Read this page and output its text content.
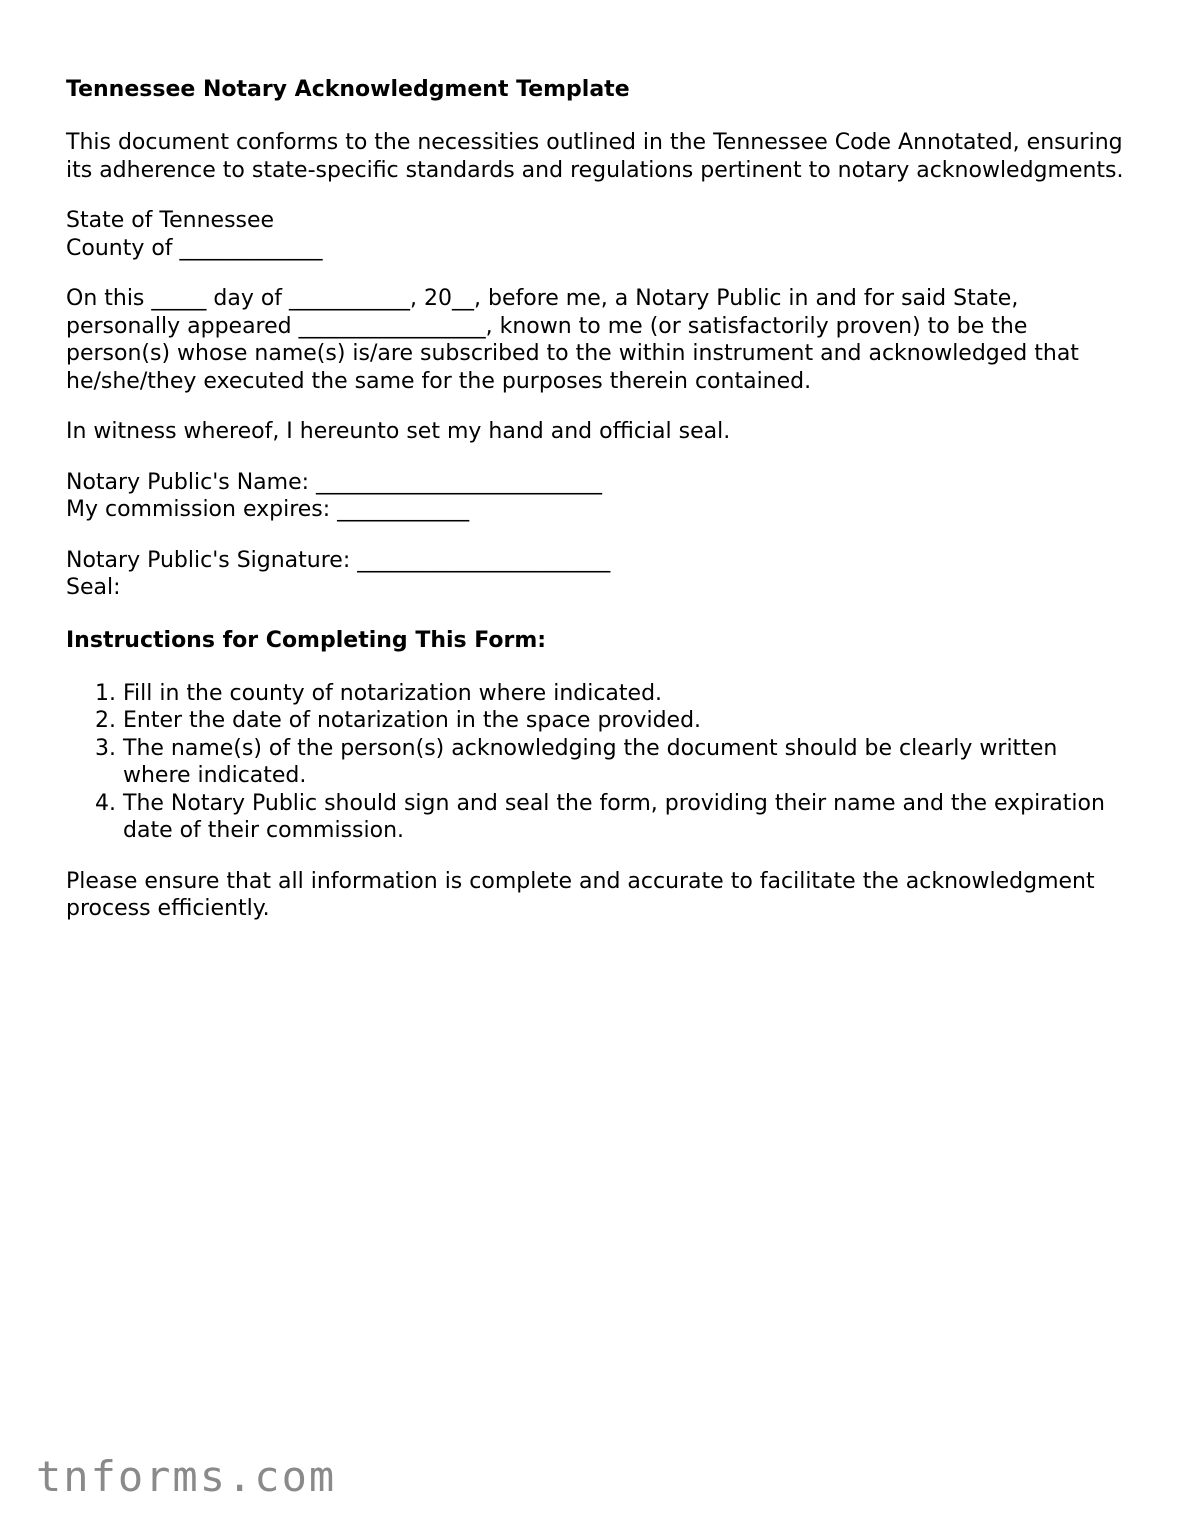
Tennessee Notary Acknowledgment Template

This document conforms to the necessities outlined in the Tennessee Code Annotated, ensuring its adherence to state-specific standards and regulations pertinent to notary acknowledgments.

State of Tennessee
County of _____________

On this _____ day of ___________, 20__, before me, a Notary Public in and for said State, personally appeared _________________, known to me (or satisfactorily proven) to be the person(s) whose name(s) is/are subscribed to the within instrument and acknowledged that he/she/they executed the same for the purposes therein contained.

In witness whereof, I hereunto set my hand and official seal.

Notary Public's Name: __________________________
My commission expires: ____________

Notary Public's Signature: _______________________
Seal:

Instructions for Completing This Form:
1. Fill in the county of notarization where indicated.
2. Enter the date of notarization in the space provided.
3. The name(s) of the person(s) acknowledging the document should be clearly written where indicated.
4. The Notary Public should sign and seal the form, providing their name and the expiration date of their commission.

Please ensure that all information is complete and accurate to facilitate the acknowledgment process efficiently.

tnforms.com
